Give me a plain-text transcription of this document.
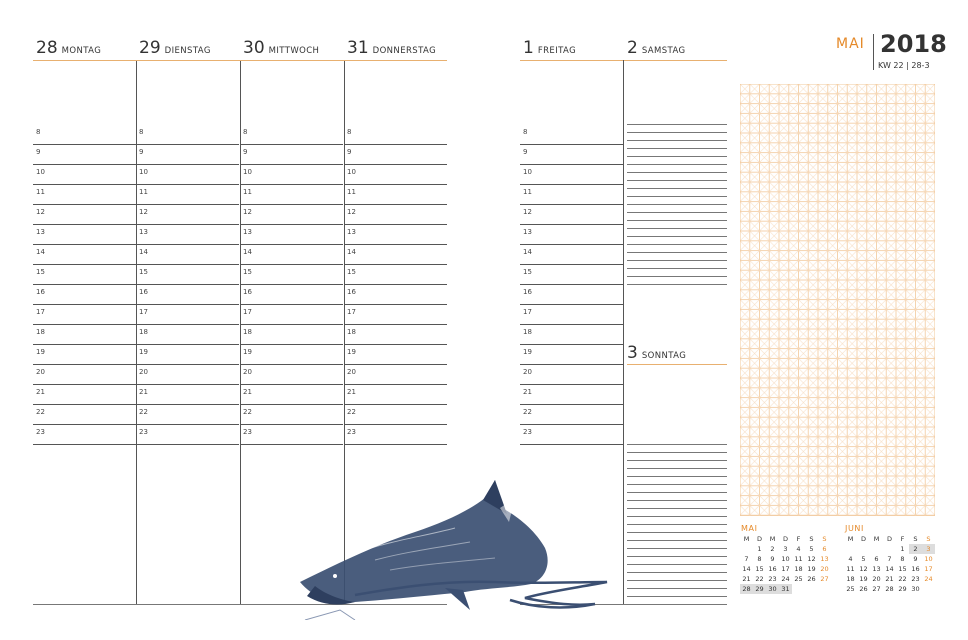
28 MONTAG
8
9
10
11
12
13
14
15
16
17
18
19
20
21
22
23
29 DIENSTAG
8
9
10
11
12
13
14
15
16
17
18
19
20
21
22
23
30 MITTWOCH
8
9
10
11
12
13
14
15
16
17
18
19
20
21
22
23
31 DONNERSTAG
8
9
10
11
12
13
14
15
16
17
18
19
20
21
22
23
1 FREITAG
8
9
10
11
12
13
14
15
16
17
18
19
20
21
22
23
2 SAMSTAG
3 SONNTAG
MAI 2018
KW 22 | 28-3
MAI
M	D	M	D	F	S	S
	1	2	3	4	5	6
7	8	9	10	11	12	13
14	15	16	17	18	19	20
21	22	23	24	25	26	27
28	29	30	31			
JUNI
M	D	M	D	F	S	S
				1	2	3
4	5	6	7	8	9	10
11	12	13	14	15	16	17
18	19	20	21	22	23	24
25	26	27	28	29	30	
